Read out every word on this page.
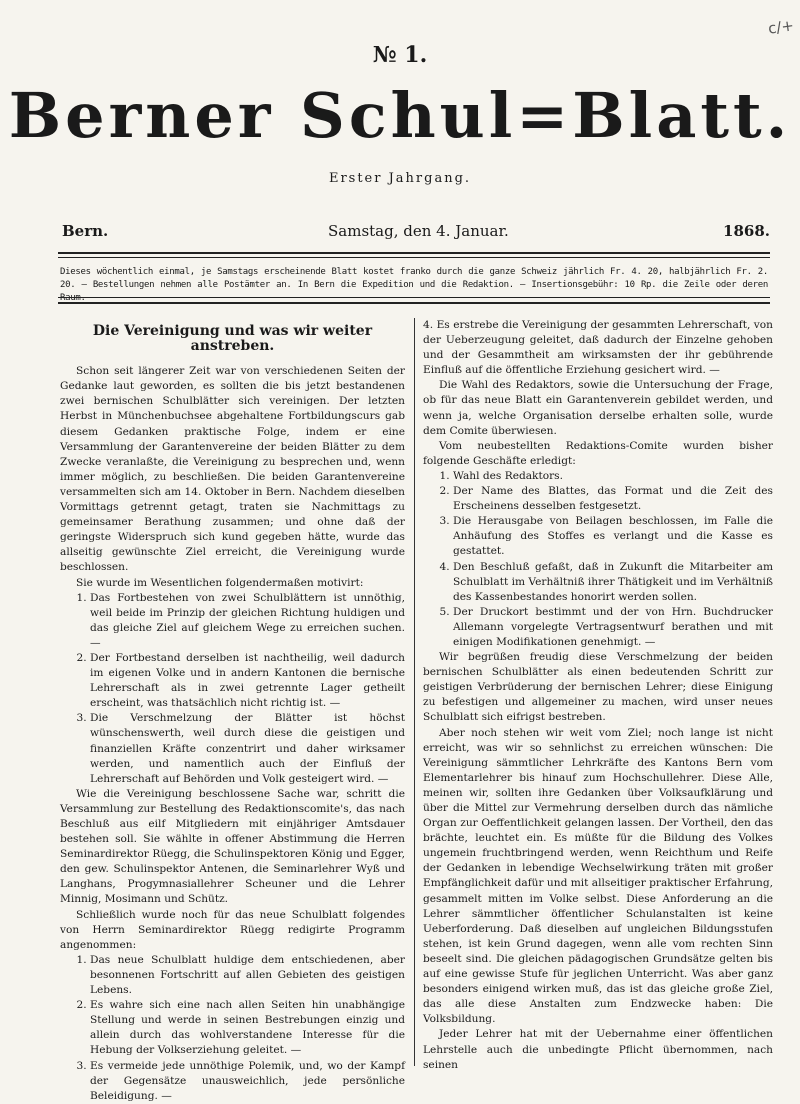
c/+
№ 1.
Berner Schul=Blatt.
Erster Jahrgang.
Bern.	Samstag, den 4. Januar.	1868.
Dieses wöchentlich einmal, je Samstags erscheinende Blatt kostet franko durch die ganze Schweiz jährlich Fr. 4. 20, halbjährlich Fr. 2. 20. — Bestellungen nehmen alle Postämter an. In Bern die Expedition und die Redaktion. — Insertionsgebühr: 10 Rp. die Zeile oder deren Raum.
Die Vereinigung und was wir weiter anstreben.

Schon seit längerer Zeit war von verschiedenen Seiten der Gedanke laut geworden, es sollten die bis jetzt bestandenen zwei bernischen Schulblätter sich vereinigen. Der letzten Herbst in Münchenbuchsee abgehaltene Fortbildungscurs gab diesem Gedanken praktische Folge, indem er eine Versammlung der Garantenvereine der beiden Blätter zu dem Zwecke veranlaßte, die Vereinigung zu besprechen und, wenn immer möglich, zu beschließen. Die beiden Garantenvereine versammelten sich am 14. Oktober in Bern. Nachdem dieselben Vormittags getrennt getagt, traten sie Nachmittags zu gemeinsamer Berathung zusammen; und ohne daß der geringste Widerspruch sich kund gegeben hätte, wurde das allseitig gewünschte Ziel erreicht, die Vereinigung wurde beschlossen.

Sie wurde im Wesentlichen folgendermaßen motivirt:

1. Das Fortbestehen von zwei Schulblättern ist unnöthig, weil beide im Prinzip der gleichen Richtung huldigen und das gleiche Ziel auf gleichem Wege zu erreichen suchen. —
2. Der Fortbestand derselben ist nachtheilig, weil dadurch im eigenen Volke und in andern Kantonen die bernische Lehrerschaft als in zwei getrennte Lager getheilt erscheint, was thatsächlich nicht richtig ist. —
3. Die Verschmelzung der Blätter ist höchst wünschenswerth, weil durch diese die geistigen und finanziellen Kräfte conzentrirt und daher wirksamer werden, und namentlich auch der Einfluß der Lehrerschaft auf Behörden und Volk gesteigert wird. —

Wie die Vereinigung beschlossene Sache war, schritt die Versammlung zur Bestellung des Redaktionscomite's, das nach Beschluß aus eilf Mitgliedern mit einjähriger Amtsdauer bestehen soll. Sie wählte in offener Abstimmung die Herren Seminardirektor Rüegg, die Schulinspektoren König und Egger, den gew. Schulinspektor Antenen, die Seminarlehrer Wyß und Langhans, Progymnasiallehrer Scheuner und die Lehrer Minnig, Mosimann und Schütz.

Schließlich wurde noch für das neue Schulblatt folgendes von Herrn Seminardirektor Rüegg redigirte Programm angenommen:

1. Das neue Schulblatt huldige dem entschiedenen, aber besonnenen Fortschritt auf allen Gebieten des geistigen Lebens.
2. Es wahre sich eine nach allen Seiten hin unabhängige Stellung und werde in seinen Bestrebungen einzig und allein durch das wohlverstandene Interesse für die Hebung der Volkserziehung geleitet. —
3. Es vermeide jede unnöthige Polemik, und, wo der Kampf der Gegensätze unausweichlich, jede persönliche Beleidigung. —

4. Es erstrebe die Vereinigung der gesammten Lehrerschaft, von der Ueberzeugung geleitet, daß dadurch der Einzelne gehoben und der Gesammtheit am wirksamsten der ihr gebührende Einfluß auf die öffentliche Erziehung gesichert wird. —

Die Wahl des Redaktors, sowie die Untersuchung der Frage, ob für das neue Blatt ein Garantenverein gebildet werden, und wenn ja, welche Organisation derselbe erhalten solle, wurde dem Comite überwiesen.

Vom neubestellten Redaktions-Comite wurden bisher folgende Geschäfte erledigt:

1. Wahl des Redaktors.
2. Der Name des Blattes, das Format und die Zeit des Erscheinens desselben festgesetzt.
3. Die Herausgabe von Beilagen beschlossen, im Falle die Anhäufung des Stoffes es verlangt und die Kasse es gestattet.
4. Den Beschluß gefaßt, daß in Zukunft die Mitarbeiter am Schulblatt im Verhältniß ihrer Thätigkeit und im Verhältniß des Kassenbestandes honorirt werden sollen.
5. Der Druckort bestimmt und der von Hrn. Buchdrucker Allemann vorgelegte Vertragsentwurf berathen und mit einigen Modifikationen genehmigt. —

Wir begrüßen freudig diese Verschmelzung der beiden bernischen Schulblätter als einen bedeutenden Schritt zur geistigen Verbrüderung der bernischen Lehrer; diese Einigung zu befestigen und allgemeiner zu machen, wird unser neues Schulblatt sich eifrigst bestreben.

Aber noch stehen wir weit vom Ziel; noch lange ist nicht erreicht, was wir so sehnlichst zu erreichen wünschen: Die Vereinigung sämmtlicher Lehrkräfte des Kantons Bern vom Elementarlehrer bis hinauf zum Hochschullehrer. Diese Alle, meinen wir, sollten ihre Gedanken über Volksaufklärung und über die Mittel zur Vermehrung derselben durch das nämliche Organ zur Oeffentlichkeit gelangen lassen. Der Vortheil, den das brächte, leuchtet ein. Es müßte für die Bildung des Volkes ungemein fruchtbringend werden, wenn Reichthum und Reife der Gedanken in lebendige Wechselwirkung träten mit großer Empfänglichkeit dafür und mit allseitiger praktischer Erfahrung, gesammelt mitten im Volke selbst. Diese Anforderung an die Lehrer sämmtlicher öffentlicher Schulanstalten ist keine Ueberforderung. Daß dieselben auf ungleichen Bildungsstufen stehen, ist kein Grund dagegen, wenn alle vom rechten Sinn beseelt sind. Die gleichen pädagogischen Grundsätze gelten bis auf eine gewisse Stufe für jeglichen Unterricht. Was aber ganz besonders einigend wirken muß, das ist das gleiche große Ziel, das alle diese Anstalten zum Endzwecke haben: Die Volksbildung.

Jeder Lehrer hat mit der Uebernahme einer öffentlichen Lehrstelle auch die unbedingte Pflicht übernommen, nach seinen
